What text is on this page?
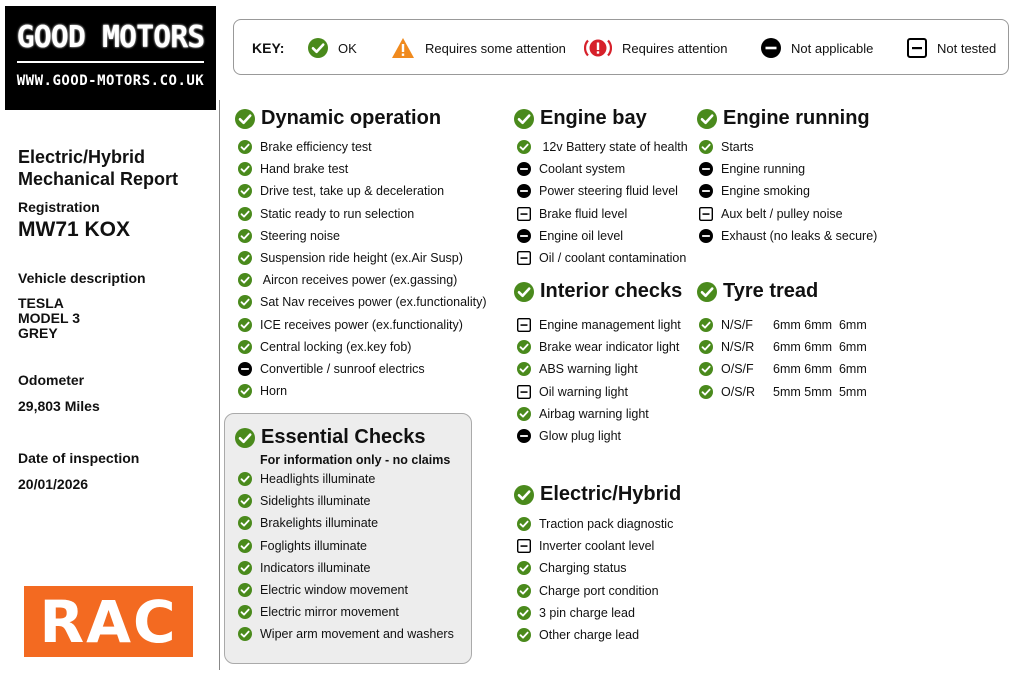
GOOD MOTORS
WWW.GOOD-MOTORS.CO.UK
Electric/Hybrid
Mechanical Report
Registration
MW71 KOX
Vehicle description
TESLA
MODEL 3
GREY
Odometer
29,803 Miles
Date of inspection
20/01/2026
RAC
KEY:	OK	Requires some attention	Requires attention	Not applicable	Not tested
Dynamic operation
Essential Checks
For information only - no claims
Engine bay
Interior checks
Electric/Hybrid
Engine running
Tyre tread
Brake efficiency test
Hand brake test
Drive test, take up & deceleration
Static ready to run selection
Steering noise
Suspension ride height (ex.Air Susp)
Aircon receives power (ex.gassing)
Sat Nav receives power (ex.functionality)
ICE receives power (ex.functionality)
Central locking (ex.key fob)
Convertible / sunroof electrics
Horn
Headlights illuminate
Sidelights illuminate
Brakelights illuminate
Foglights illuminate
Indicators illuminate
Electric window movement
Electric mirror movement
Wiper arm movement and washers
12v Battery state of health
Coolant system
Power steering fluid level
Brake fluid level
Engine oil level
Oil / coolant contamination
Engine management light
Brake wear indicator light
ABS warning light
Oil warning light
Airbag warning light
Glow plug light
Traction pack diagnostic
Inverter coolant level
Charging status
Charge port condition
3 pin charge lead
Other charge lead
Starts
Engine running
Engine smoking
Aux belt / pulley noise
Exhaust (no leaks & secure)
N/S/F 6mm 6mm  6mm
N/S/R 6mm 6mm  6mm
O/S/F 6mm 6mm  6mm
O/S/R 5mm 5mm  5mm
